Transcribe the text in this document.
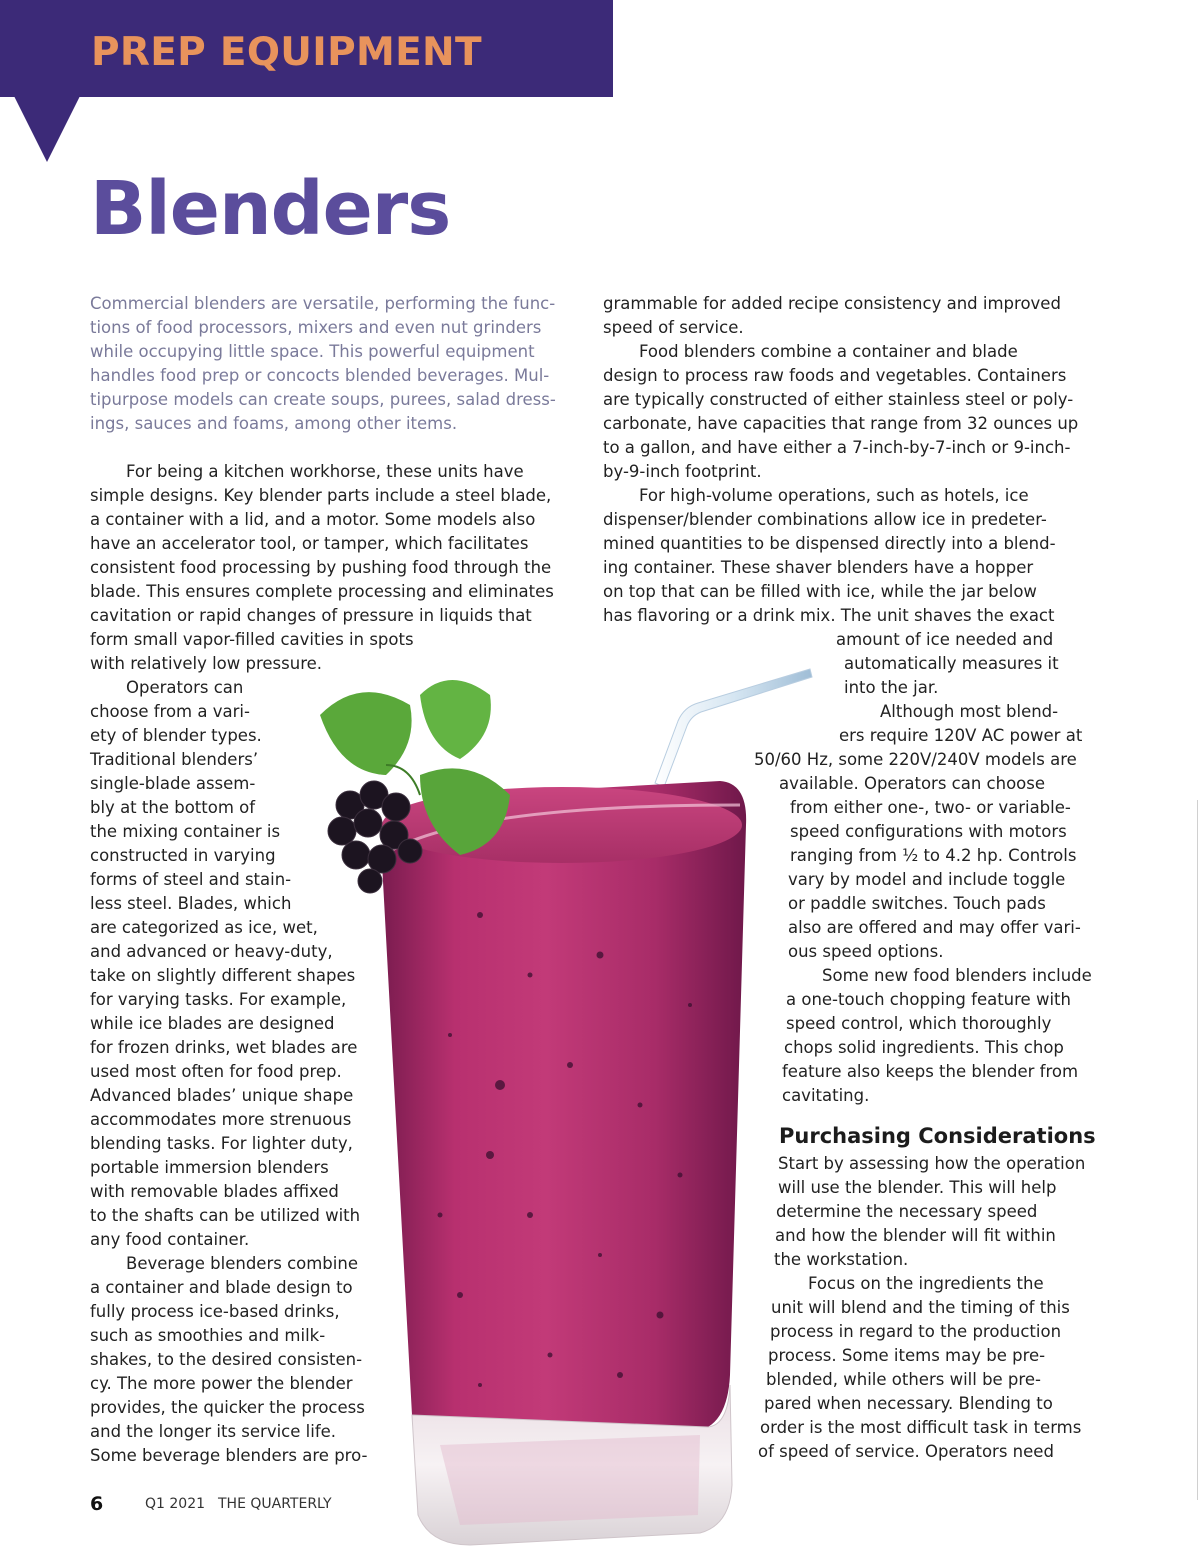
PREP EQUIPMENT
Blenders
Commercial blenders are versatile, performing the func-
tions of food processors, mixers and even nut grinders
while occupying little space. This powerful equipment
handles food prep or concocts blended beverages. Mul-
tipurpose models can create soups, purees, salad dress-
ings, sauces and foams, among other items.
For being a kitchen workhorse, these units have
simple designs. Key blender parts include a steel blade,
a container with a lid, and a motor. Some models also
have an accelerator tool, or tamper, which facilitates
consistent food processing by pushing food through the
blade. This ensures complete processing and eliminates
cavitation or rapid changes of pressure in liquids that
form small vapor-filled cavities in spots
with relatively low pressure.
Operators can
choose from a vari-
ety of blender types.
Traditional blenders’
single-blade assem-
bly at the bottom of
the mixing container is
constructed in varying
forms of steel and stain-
less steel. Blades, which
are categorized as ice, wet,
and advanced or heavy-duty,
take on slightly different shapes
for varying tasks. For example,
while ice blades are designed
for frozen drinks, wet blades are
used most often for food prep.
Advanced blades’ unique shape
accommodates more strenuous
blending tasks. For lighter duty,
portable immersion blenders
with removable blades affixed
to the shafts can be utilized with
any food container.
Beverage blenders combine
a container and blade design to
fully process ice-based drinks,
such as smoothies and milk-
shakes, to the desired consisten-
cy. The more power the blender
provides, the quicker the process
and the longer its service life.
Some beverage blenders are pro-
grammable for added recipe consistency and improved
speed of service.
Food blenders combine a container and blade
design to process raw foods and vegetables. Containers
are typically constructed of either stainless steel or poly-
carbonate, have capacities that range from 32 ounces up
to a gallon, and have either a 7-inch-by-7-inch or 9-inch-
by-9-inch footprint.
For high-volume operations, such as hotels, ice
dispenser/blender combinations allow ice in predeter-
mined quantities to be dispensed directly into a blend-
ing container. These shaver blenders have a hopper
on top that can be filled with ice, while the jar below
has flavoring or a drink mix. The unit shaves the exact
amount of ice needed and
automatically measures it
into the jar.
Although most blend-
ers require 120V AC power at
50/60 Hz, some 220V/240V models are
available. Operators can choose
from either one-, two- or variable-
speed configurations with motors
ranging from ½ to 4.2 hp. Controls
vary by model and include toggle
or paddle switches. Touch pads
also are offered and may offer vari-
ous speed options.
Some new food blenders include
a one-touch chopping feature with
speed control, which thoroughly
chops solid ingredients. This chop
feature also keeps the blender from
cavitating.
Purchasing Considerations
Start by assessing how the operation
will use the blender. This will help
determine the necessary speed
and how the blender will fit within
the workstation.
Focus on the ingredients the
unit will blend and the timing of this
process in regard to the production
process. Some items may be pre-
blended, while others will be pre-
pared when necessary. Blending to
order is the most difficult task in terms
of speed of service. Operators need
6	Q1 2021 THE QUARTERLY
